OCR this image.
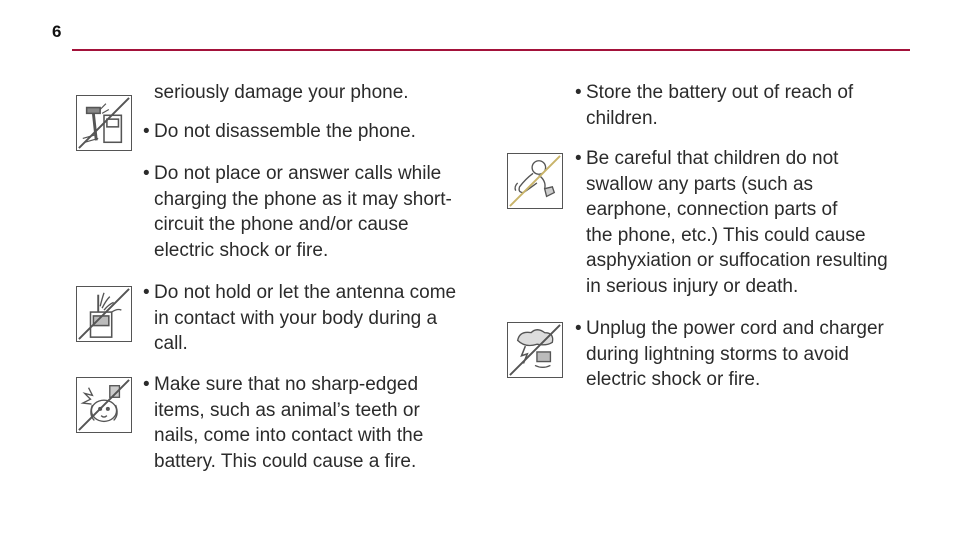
6

seriously damage your phone.

• Do not disassemble the phone.
• Do not place or answer calls while
charging the phone as it may short-
circuit the phone and/or cause
electric shock or fire.
• Do not hold or let the antenna come
in contact with your body during a
call.
• Make sure that no sharp-edged
items, such as animal’s teeth or
nails, come into contact with the
battery. This could cause a fire.
• Store the battery out of reach of
children.
• Be careful that children do not
swallow any parts (such as
earphone, connection parts of
the phone, etc.) This could cause
asphyxiation or suffocation resulting
in serious injury or death.
• Unplug the power cord and charger
during lightning storms to avoid
electric shock or fire.
